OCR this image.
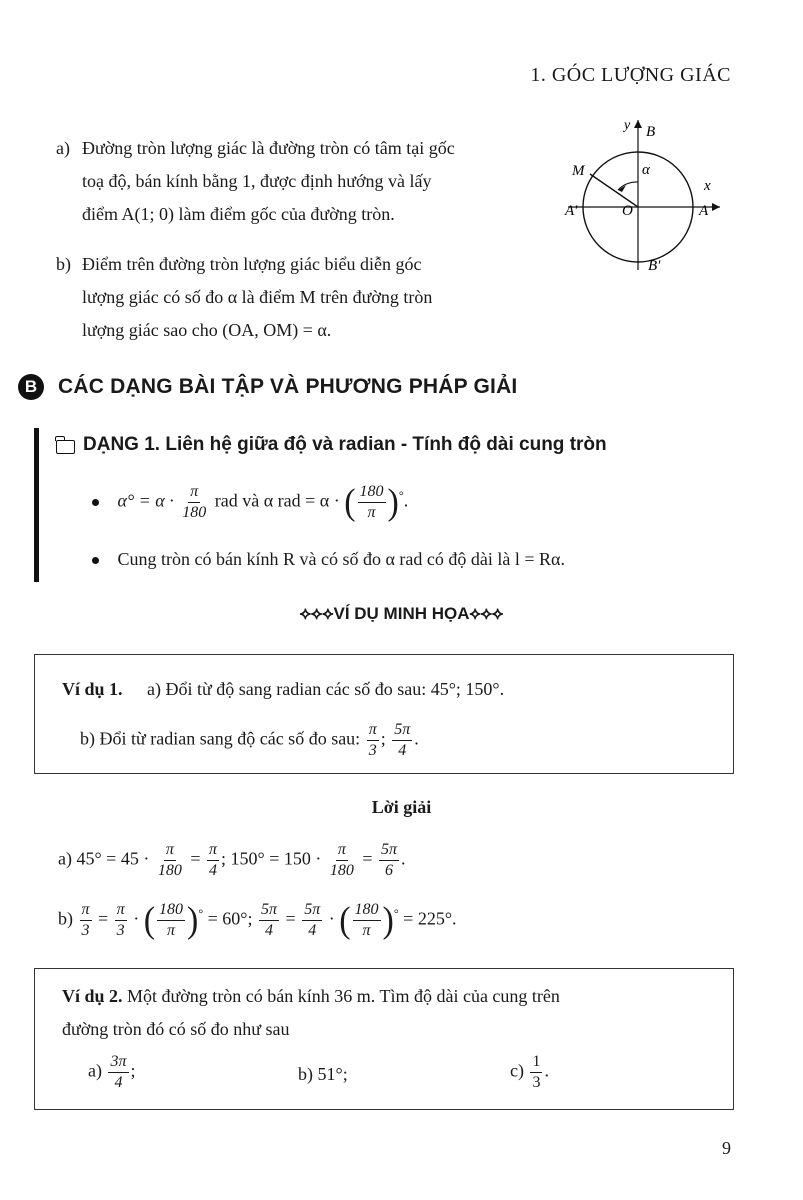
1. GÓC LƯỢNG GIÁC
a) Đường tròn lượng giác là đường tròn có tâm tại gốc
toạ độ, bán kính bằng 1, được định hướng và lấy
điểm A(1; 0) làm điểm gốc của đường tròn.
b) Điểm trên đường tròn lượng giác biểu diễn góc
lượng giác có số đo α là điểm M trên đường tròn
lượng giác sao cho (OA, OM) = α.
y B
M	α
x
A′	O	A
B′
B CÁC DẠNG BÀI TẬP VÀ PHƯƠNG PHÁP GIẢI
DẠNG 1. Liên hệ giữa độ và radian - Tính độ dài cung tròn
$\alpha^\circ = \alpha \cdot \frac{\pi}{180}$ rad và α rad = α · ( $\frac{180}{\pi} )^\circ$.
Cung tròn có bán kính R và có số đo α rad có độ dài là l = Rα.
⟡⟡⟡VÍ DỤ MINH HỌA⟡⟡⟡
Ví dụ 1. a) Đổi từ độ sang radian các số đo sau: 45°; 150°.
b) Đổi từ radian sang độ các số đo sau: $\frac{\pi}{3}$ ; $\frac{5\pi}{4}$ .
Lời giải
a) $45^\circ = 45 \cdot \frac{\pi}{180} = \frac{\pi}{4}$ ; $150^\circ = 150 \cdot \frac{\pi}{180} = \frac{5\pi}{6}$ .
$b) \frac{\pi}{3} = \frac{\pi}{3}$ · ( $\frac{180}{\pi} )^\circ = 60^\circ$; $\frac{5\pi}{4} = \frac{5\pi}{4}$ · ( $\frac{180}{\pi} )^\circ = 225^\circ$.
Ví dụ 2. Một đường tròn có bán kính 36 m. Tìm độ dài của cung trên
đường tròn đó có số đo như sau
$a) \frac{3\pi}{4}$ ;	b) 51°;	$c) \frac{1}{3}$ .
9
